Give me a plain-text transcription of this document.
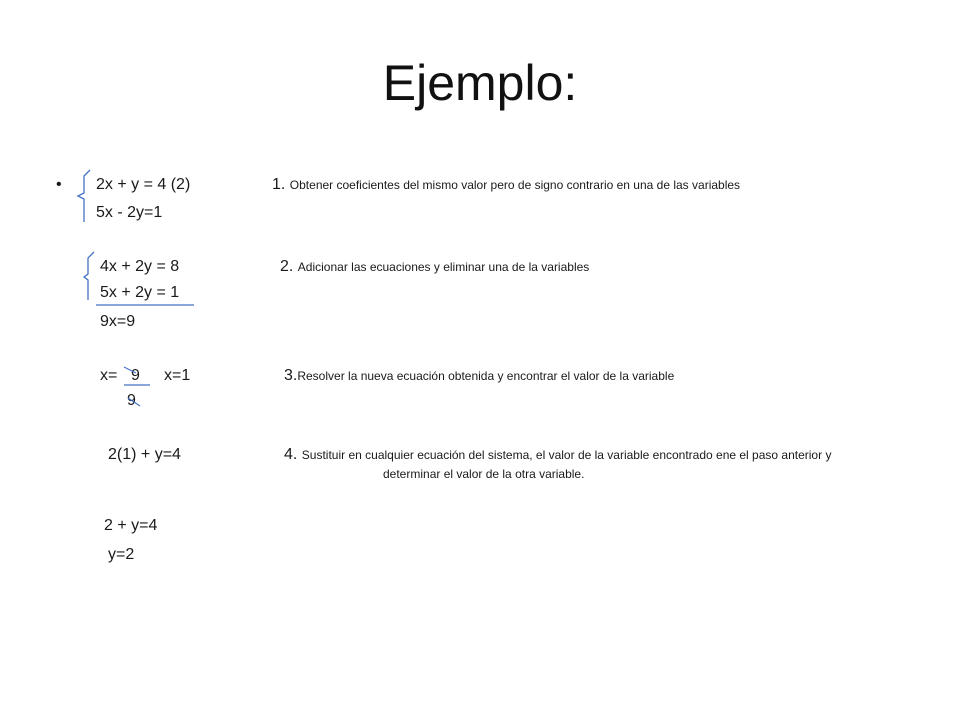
Ejemplo:
• 2x + y = 4 (2)
5x - 2y=1
1. Obtener coeficientes del mismo valor pero de signo contrario en una de las variables
4x + 2y = 8
5x + 2y = 1
2. Adicionar las ecuaciones y eliminar una de la variables
9x=9
x= 9
9
x=1	3.Resolver la nueva ecuación obtenida y encontrar el valor de la variable
2(1) + y=4	4. Sustituir en cualquier ecuación del sistema, el valor de la variable encontrado ene el paso anterior y
determinar el valor de la otra variable.
2 + y=4
y=2
